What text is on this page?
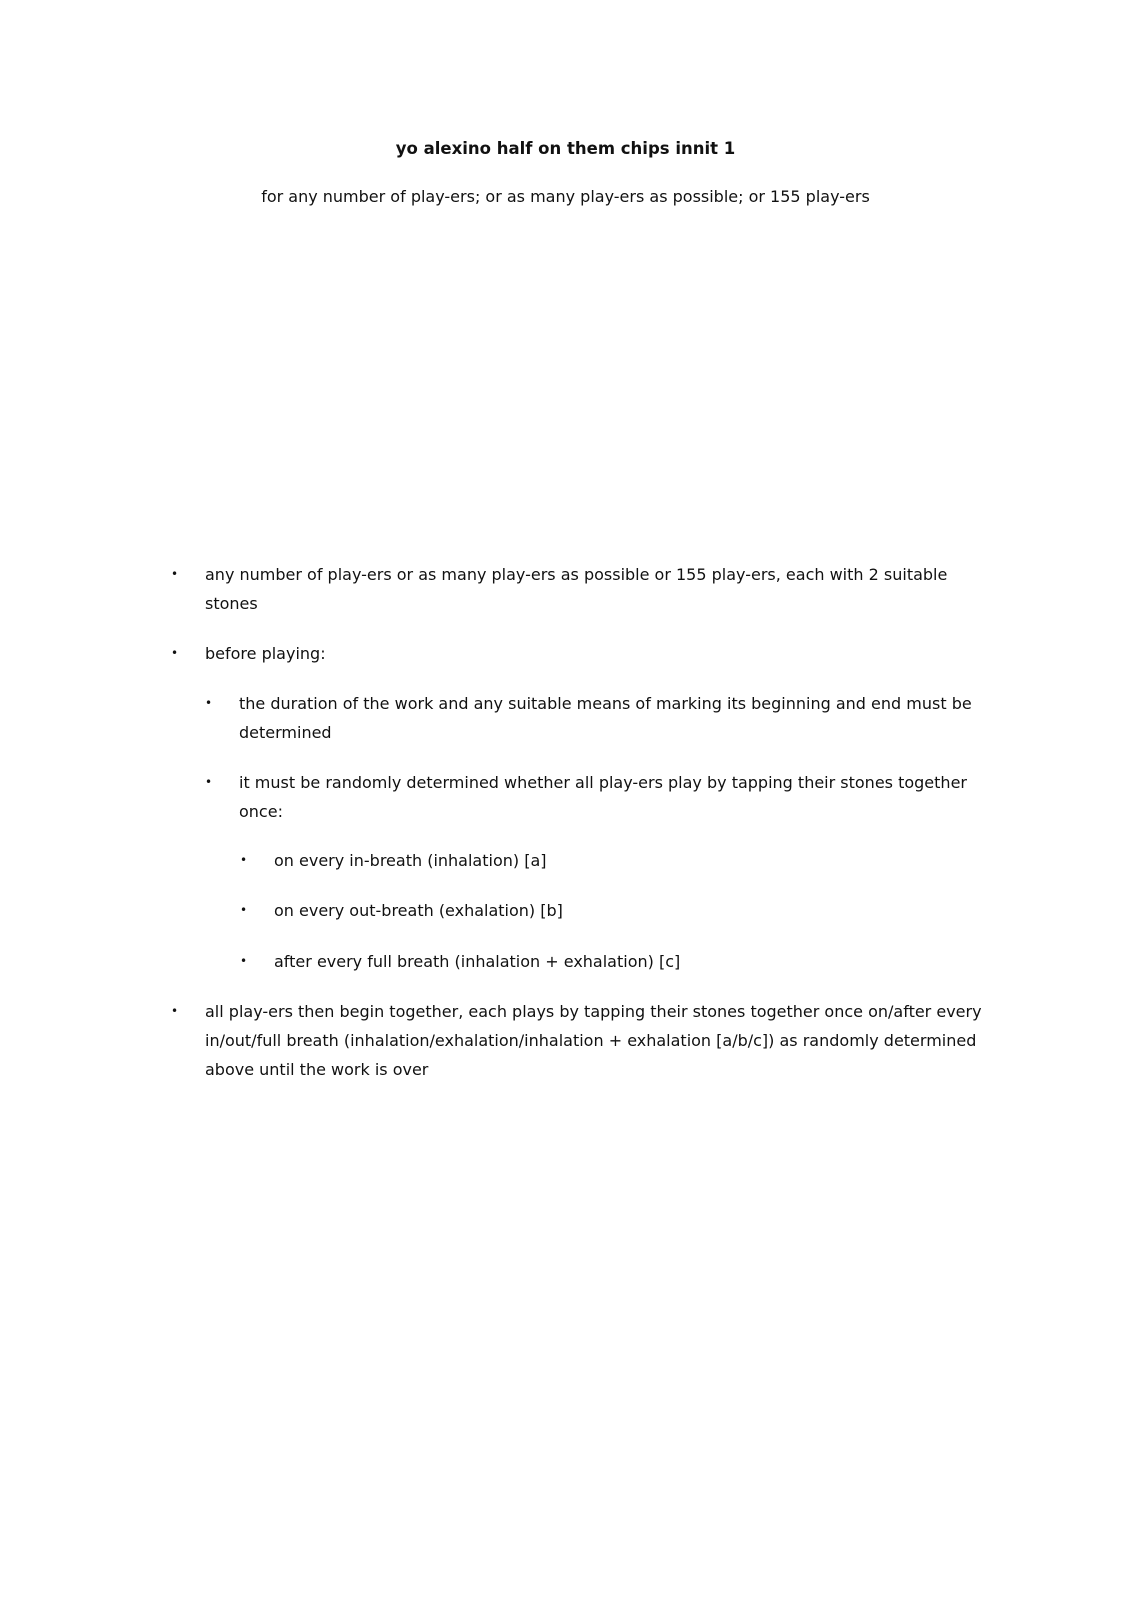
yo alexino half on them chips innit 1
for any number of play-ers; or as many play-ers as possible; or 155 play-ers
• any number of play-ers or as many play-ers as possible or 155 play-ers, each with 2 suitable stones
• before playing:
• the duration of the work and any suitable means of marking its beginning and end must be determined
• it must be randomly determined whether all play-ers play by tapping their stones together once:
• on every in-breath (inhalation) [a]
• on every out-breath (exhalation) [b]
• after every full breath (inhalation + exhalation) [c]
• all play-ers then begin together, each plays by tapping their stones together once on/after every in/out/full breath (inhalation/exhalation/inhalation + exhalation [a/b/c]) as randomly determined above until the work is over
